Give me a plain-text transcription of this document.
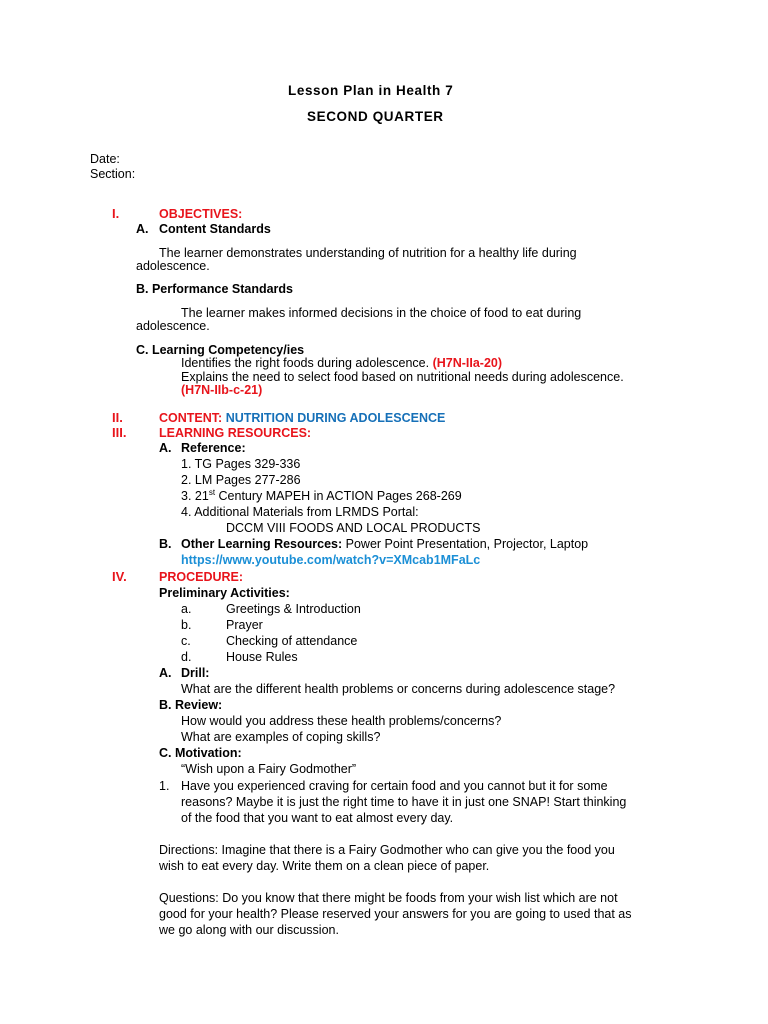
Lesson Plan in Health 7
SECOND QUARTER
Date:
Section:
I.	OBJECTIVES:
A. Content Standards
The learner demonstrates understanding of nutrition for a healthy life during
adolescence.
B. Performance Standards
The learner makes informed decisions in the choice of food to eat during
adolescence.
C. Learning Competency/ies
Identifies the right foods during adolescence. (H7N-IIa-20)
Explains the need to select food based on nutritional needs during adolescence.
(H7N-IIb-c-21)
II.	CONTENT: NUTRITION DURING ADOLESCENCE
III.	LEARNING RESOURCES:
A. Reference:
1. TG Pages 329-336
2. LM Pages 277-286
3. 21st Century MAPEH in ACTION Pages 268-269
4. Additional Materials from LRMDS Portal:
DCCM VIII FOODS AND LOCAL PRODUCTS
B. Other Learning Resources: Power Point Presentation, Projector, Laptop
https://www.youtube.com/watch?v=XMcab1MFaLc
IV.	PROCEDURE:
Preliminary Activities:
a.	Greetings & Introduction
b.	Prayer
c.	Checking of attendance
d.	House Rules
A. Drill:
What are the different health problems or concerns during adolescence stage?
B. Review:
How would you address these health problems/concerns?
What are examples of coping skills?
C. Motivation:
“Wish upon a Fairy Godmother”
1. Have you experienced craving for certain food and you cannot but it for some
reasons? Maybe it is just the right time to have it in just one SNAP! Start thinking
of the food that you want to eat almost every day.
Directions: Imagine that there is a Fairy Godmother who can give you the food you
wish to eat every day. Write them on a clean piece of paper.
Questions: Do you know that there might be foods from your wish list which are not
good for your health? Please reserved your answers for you are going to used that as
we go along with our discussion.
